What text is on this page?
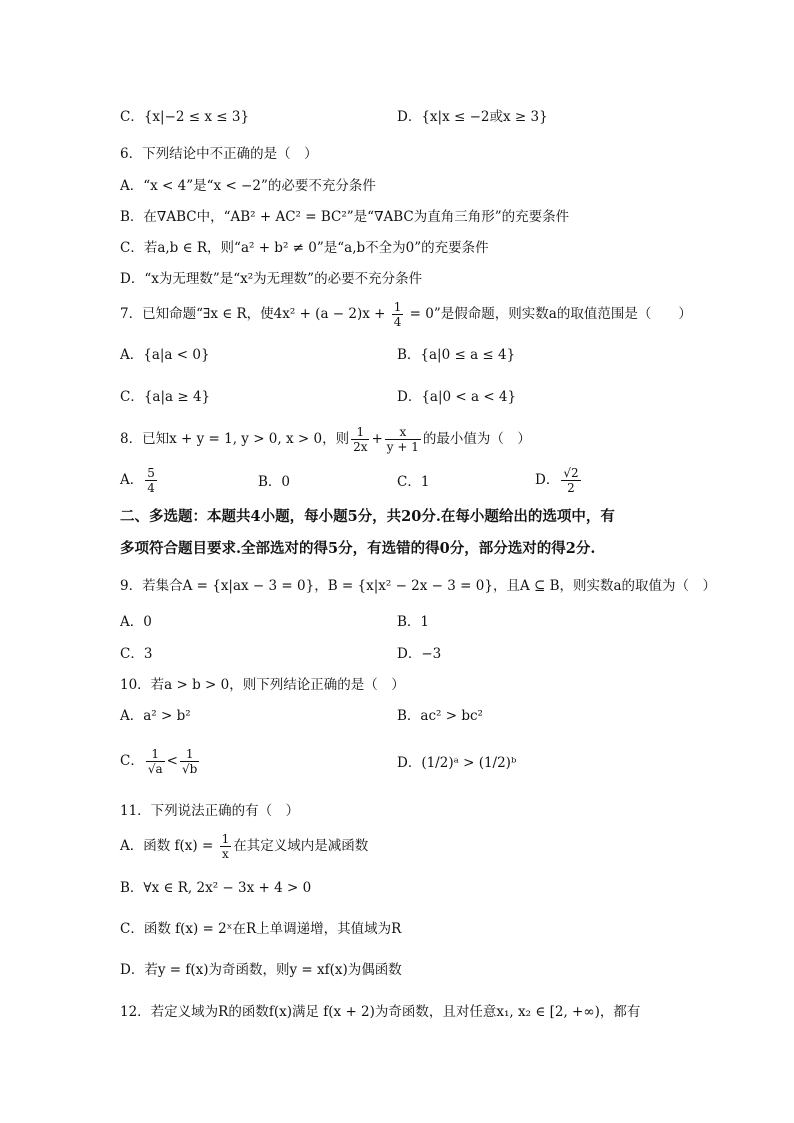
C．{x|−2 ≤ x ≤ 3}	D．{x|x ≤ −2或x ≥ 3}
6．下列结论中不正确的是（　）
A．“x < 4”是“x < −2”的必要不充分条件
B．在∇ABC中，“AB² + AC² = BC²”是“∇ABC为直角三角形”的充要条件
C．若a,b ∈ R，则“a² + b² ≠ 0”是“a,b不全为0”的充要条件
D．“x为无理数”是“x²为无理数”的必要不充分条件
7．已知命题“∃x ∈ R，使$4x^2 + (a - 2)x + \frac{1}{4} = 0$”是假命题，则实数a的取值范围是（　　）
A．{a|a < 0}	B．{a|0 ≤ a ≤ 4}
C．{a|a ≥ 4}	D．{a|0 < a < 4}
8．已知x + y = 1, y > 0, x > 0，则 $\frac{1}{2x} + \frac{x}{y + 1}$ 的最小值为（　）
A． $\frac{5}{4}$	B．0	C．1	D． $\frac{√2}{2}$
二、多选题：本题共4小题，每小题5分，共20分.在每小题给出的选项中，有
多项符合题目要求.全部选对的得5分，有选错的得0分，部分选对的得2分.
9．若集合A = {x|ax − 3 = 0}，B = {x|x² − 2x − 3 = 0}，且A ⊆ B，则实数a的取值为（　）
A．0	B．1
C．3	D．−3
10．若a > b > 0，则下列结论正确的是（　）
A．a² > b²	B．ac² > bc²
C． $\frac{1}{√a} < \frac{1}{√b}$	D．(1/2)ᵃ > (1/2)ᵇ
11．下列说法正确的有（　）
A．函数 $f(x) = \frac{1}{x}$ 在其定义域内是减函数
B．∀x ∈ R, 2x² − 3x + 4 > 0
C．函数 f(x) = 2ˣ在R上单调递增，其值域为R
D．若y = f(x)为奇函数，则y = xf(x)为偶函数
12．若定义域为R的函数f(x)满足 f(x + 2)为奇函数，且对任意x₁, x₂ ∈ [2, +∞)，都有
